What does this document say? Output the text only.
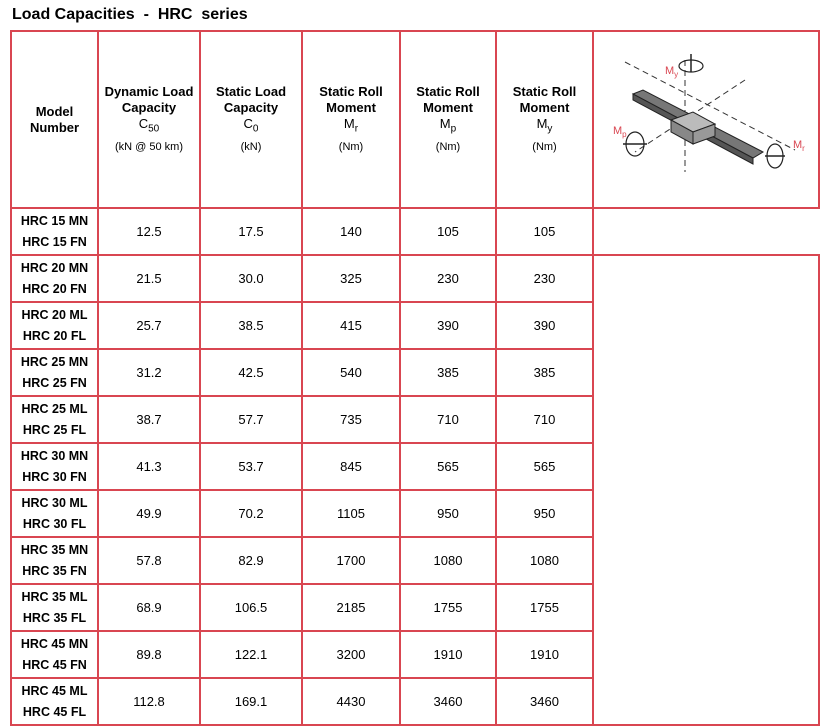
Load Capacities  -  HRC  series
Model
Number	Dynamic Load
Capacity
$C_{50}$
(kN @ 50 km)	Static Load
Capacity
$C_0$
(kN)	Static Roll
Moment
$M_r$
(Nm)	Static Roll
Moment
$M_p$
(Nm)	Static Roll
Moment
$M_y$
(Nm)	$M_y$
$M_p$
$M_r$

HRC 15 MN
HRC 15 FN	12.5	17.5	140	105	105	

HRC 20 MN
HRC 20 FN	21.5	30.0	325	230	230	

HRC 20 ML
HRC 20 FL	25.7	38.5	415	390	390	

HRC 25 MN
HRC 25 FN	31.2	42.5	540	385	385	

HRC 25 ML
HRC 25 FL	38.7	57.7	735	710	710	

HRC 30 MN
HRC 30 FN	41.3	53.7	845	565	565	

HRC 30 ML
HRC 30 FL	49.9	70.2	1105	950	950	

HRC 35 MN
HRC 35 FN	57.8	82.9	1700	1080	1080	

HRC 35 ML
HRC 35 FL	68.9	106.5	2185	1755	1755	

HRC 45 MN
HRC 45 FN	89.8	122.1	3200	1910	1910	

HRC 45 ML
HRC 45 FL	112.8	169.1	4430	3460	3460	
